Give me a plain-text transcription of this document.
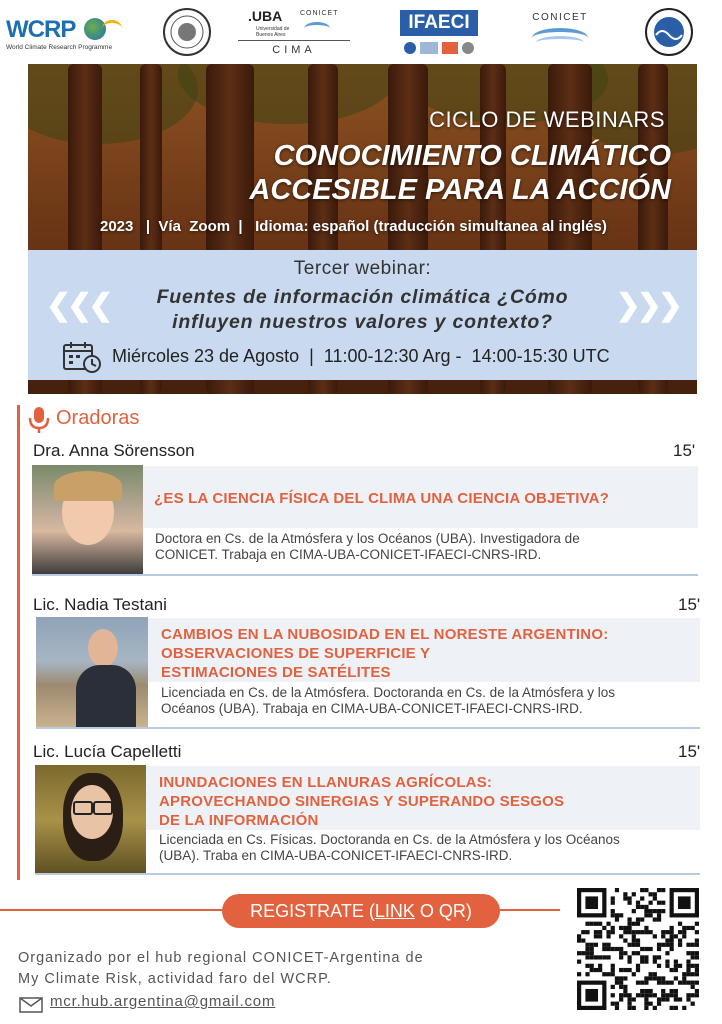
WCRP
World Climate Research Programme
.UBA
Universidad de Buenos Aires
CONICET
CIMA
IFAECI	CONICET
CICLO DE WEBINARS
CONOCIMIENTO CLIMÁTICO
ACCESIBLE PARA LA ACCIÓN
2023   |  Vía  Zoom  |   Idioma: español (traducción simultanea al inglés)
Tercer webinar:
❮❮❮	❯❯❯
Fuentes de información climática ¿Cómo
influyen nuestros valores y contexto?
Miércoles 23 de Agosto  |  11:00-12:30 Arg -  14:00-15:30 UTC
Oradoras
Dra. Anna Sörensson	15'
¿ES LA CIENCIA FÍSICA DEL CLIMA UNA CIENCIA OBJETIVA?
Doctora en Cs. de la Atmósfera y los Océanos (UBA). Investigadora de
CONICET. Trabaja en CIMA-UBA-CONICET-IFAECI-CNRS-IRD.
Lic. Nadia Testani	15'
CAMBIOS EN LA NUBOSIDAD EN EL NORESTE ARGENTINO:
OBSERVACIONES DE SUPERFICIE Y
ESTIMACIONES DE SATÉLITES
Licenciada en Cs. de la Atmósfera. Doctoranda en Cs. de la Atmósfera y los
Océanos (UBA). Trabaja en CIMA-UBA-CONICET-IFAECI-CNRS-IRD.
Lic. Lucía Capelletti	15'
INUNDACIONES EN LLANURAS AGRÍCOLAS:
APROVECHANDO SINERGIAS Y SUPERANDO SESGOS
DE LA INFORMACIÓN
Licenciada en Cs. Físicas. Doctoranda en Cs. de la Atmósfera y los Océanos
(UBA). Traba en CIMA-UBA-CONICET-IFAECI-CNRS-IRD.
REGISTRATE ( LINK O QR)
Organizado por el hub regional CONICET-Argentina de
My Climate Risk, actividad faro del WCRP.
mcr.hub.argentina@gmail.com
